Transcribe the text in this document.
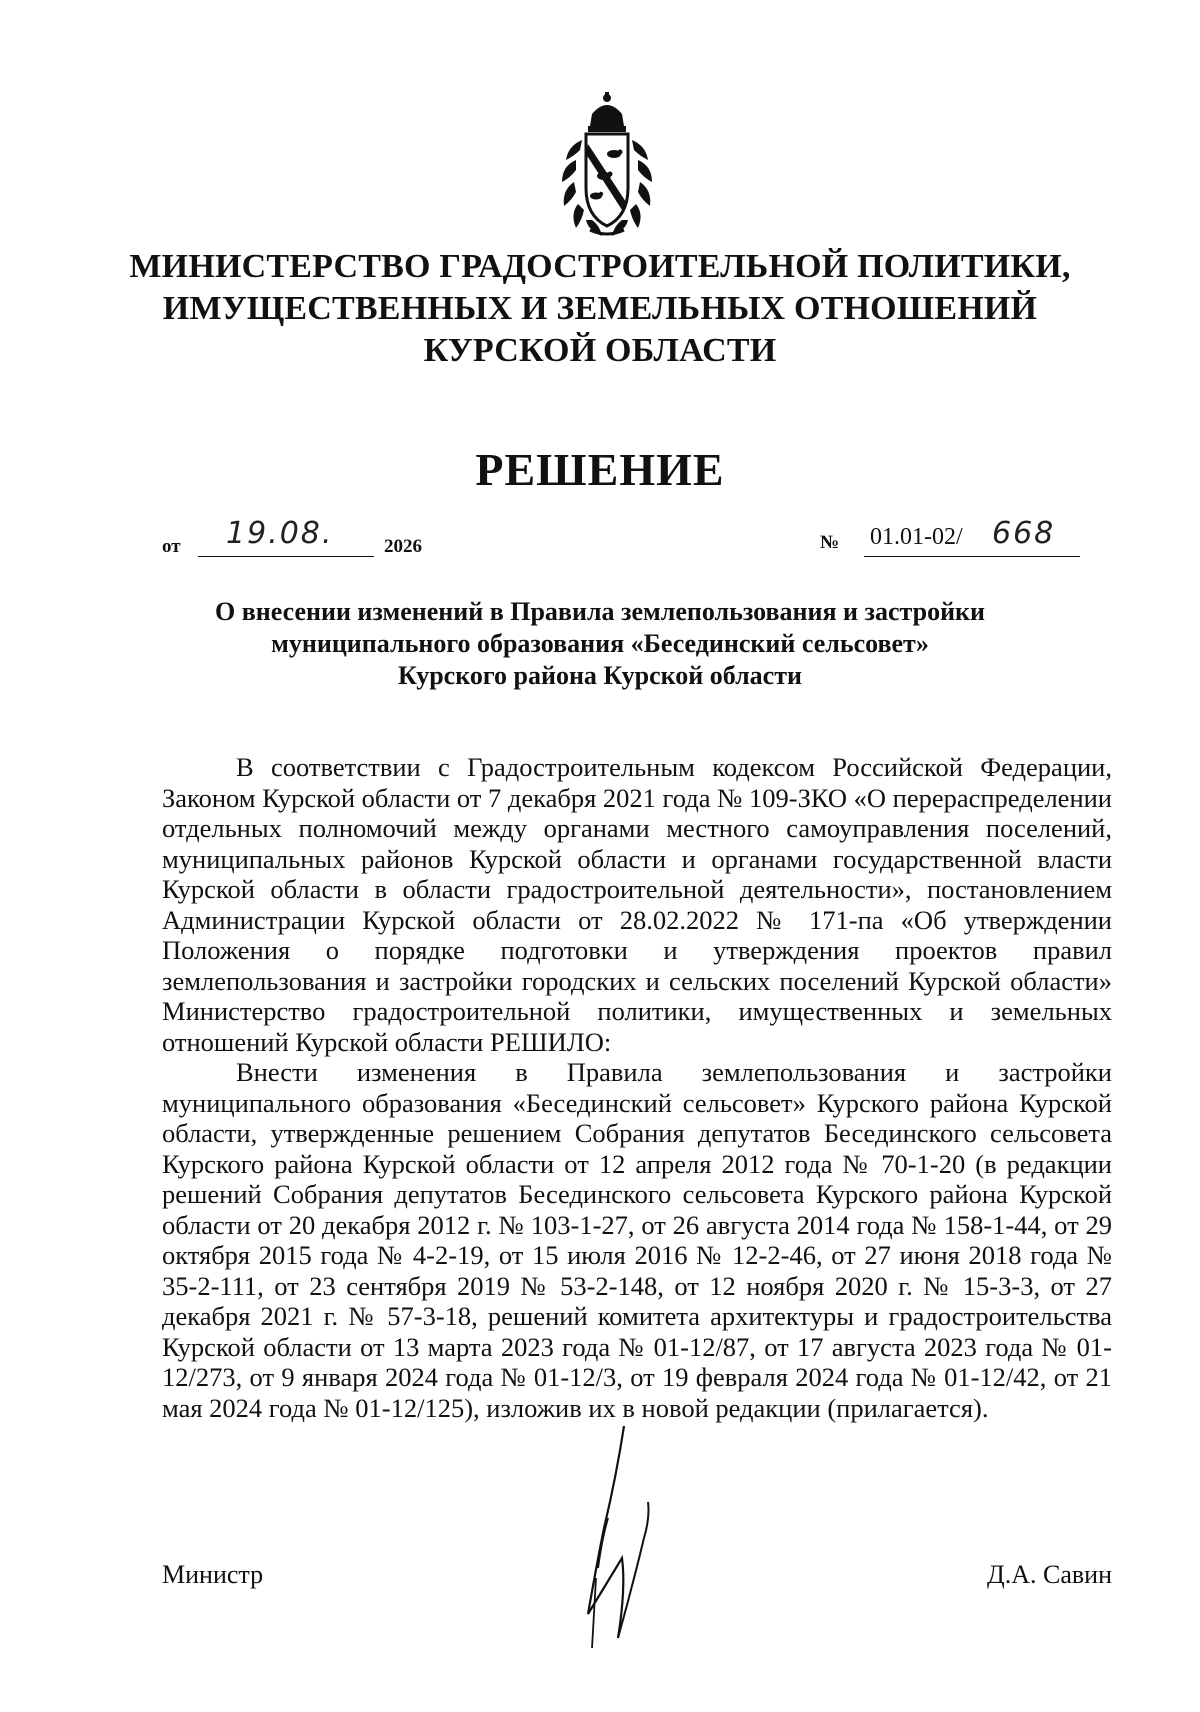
МИНИСТЕРСТВО ГРАДОСТРОИТЕЛЬНОЙ ПОЛИТИКИ,
ИМУЩЕСТВЕННЫХ И ЗЕМЕЛЬНЫХ ОТНОШЕНИЙ
КУРСКОЙ ОБЛАСТИ
РЕШЕНИЕ
от 19.08.	2026	№ 01.01-02/ 668
О внесении изменений в Правила землепользования и застройки
муниципального образования «Бесединский сельсовет»
Курского района Курской области

В соответствии с Градостроительным кодексом Российской Федерации, Законом Курской области от 7 декабря 2021 года № 109-ЗКО «О перераспределении отдельных полномочий между органами местного самоуправления поселений, муниципальных районов Курской области и органами государственной власти Курской области в области градостроительной деятельности», постановлением Администрации Курской области от 28.02.2022 № 171-па «Об утверждении Положения о порядке подготовки и утверждения проектов правил землепользования и застройки городских и сельских поселений Курской области» Министерство градостроительной политики, имущественных и земельных отношений Курской области РЕШИЛО:

Внести изменения в Правила землепользования и застройки муниципального образования «Бесединский сельсовет» Курского района Курской области, утвержденные решением Собрания депутатов Бесединского сельсовета Курского района Курской области от 12 апреля 2012 года № 70-1-20 (в редакции решений Собрания депутатов Бесединского сельсовета Курского района Курской области от 20 декабря 2012 г. № 103-1-27, от 26 августа 2014 года № 158-1-44, от 29 октября 2015 года № 4-2-19, от 15 июля 2016 № 12-2-46, от 27 июня 2018 года № 35-2-111, от 23 сентября 2019 № 53-2-148, от 12 ноября 2020 г. № 15-3-3, от 27 декабря 2021 г. № 57-3-18, решений комитета архитектуры и градостроительства Курской области от 13 марта 2023 года № 01-12/87, от 17 августа 2023 года № 01-12/273, от 9 января 2024 года № 01-12/3, от 19 февраля 2024 года № 01-12/42, от 21 мая 2024 года № 01-12/125), изложив их в новой редакции (прилагается).

Министр	Д.А. Савин
